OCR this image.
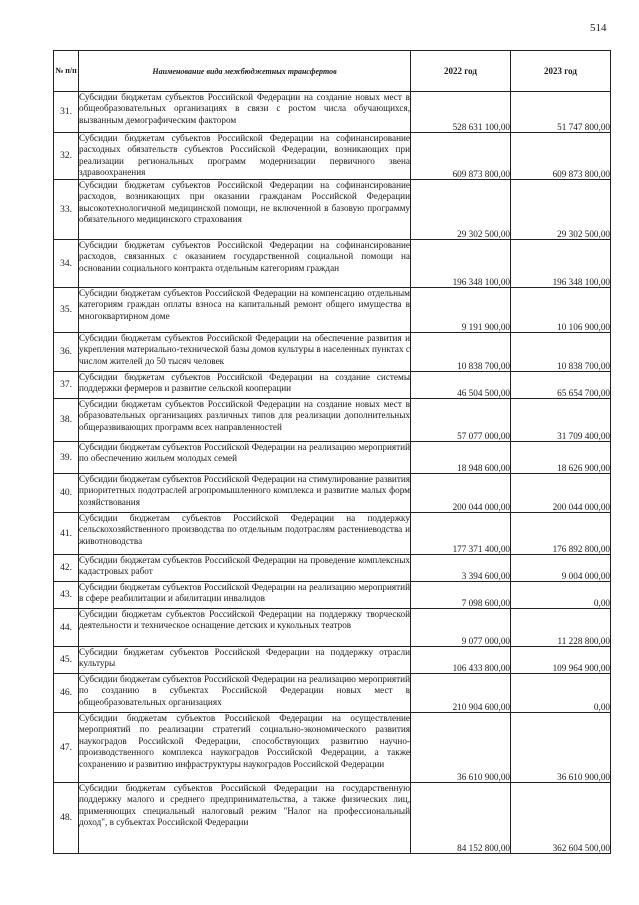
514
№ п/п	Наименование вида межбюджетных трансфертов	2022 год	2023 год
31.	Субсидии бюджетам субъектов Российской Федерации на создание новых мест в общеобразовательных организациях в связи с ростом числа обучающихся, вызванным демографическим фактором	528 631 100,00	51 747 800,00
32.	Субсидии бюджетам субъектов Российской Федерации на софинансирование расходных обязательств субъектов Российской Федерации, возникающих при реализации региональных программ модернизации первичного звена здравоохранения	609 873 800,00	609 873 800,00
33.	Субсидии бюджетам субъектов Российской Федерации на софинансирование расходов, возникающих при оказании гражданам Российской Федерации высокотехнологичной медицинской помощи, не включенной в базовую программу обязательного медицинского страхования	29 302 500,00	29 302 500,00
34.	Субсидии бюджетам субъектов Российской Федерации на софинансирование расходов, связанных с оказанием государственной социальной помощи на основании социального контракта отдельным категориям граждан	196 348 100,00	196 348 100,00
35.	Субсидии бюджетам субъектов Российской Федерации на компенсацию отдельным категориям граждан оплаты взноса на капитальный ремонт общего имущества в многоквартирном доме	9 191 900,00	10 106 900,00
36.	Субсидии бюджетам субъектов Российской Федерации на обеспечение развития и укрепления материально-технической базы домов культуры в населенных пунктах с числом жителей до 50 тысяч человек	10 838 700,00	10 838 700,00
37.	Субсидии бюджетам субъектов Российской Федерации на создание системы поддержки фермеров и развитие сельской кооперации	46 504 500,00	65 654 700,00
38.	Субсидии бюджетам субъектов Российской Федерации на создание новых мест в образовательных организациях различных типов для реализации дополнительных общеразвивающих программ всех направленностей	57 077 000,00	31 709 400,00
39.	Субсидии бюджетам субъектов Российской Федерации на реализацию мероприятий по обеспечению жильем молодых семей	18 948 600,00	18 626 900,00
40.	Субсидии бюджетам субъектов Российской Федерации на стимулирование развития приоритетных подотраслей агропромышленного комплекса и развитие малых форм хозяйствования	200 044 000,00	200 044 000,00
41.	Субсидии бюджетам субъектов Российской Федерации на поддержку сельскохозяйственного производства по отдельным подотраслям растениеводства и животноводства	177 371 400,00	176 892 800,00
42.	Субсидии бюджетам субъектов Российской Федерации на проведение комплексных кадастровых работ	3 394 600,00	9 004 000,00
43.	Субсидии бюджетам субъектов Российской Федерации на реализацию мероприятий в сфере реабилитации и абилитации инвалидов	7 098 600,00	0,00
44.	Субсидии бюджетам субъектов Российской Федерации на поддержку творческой деятельности и техническое оснащение детских и кукольных театров	9 077 000,00	11 228 800,00
45.	Субсидии бюджетам субъектов Российской Федерации на поддержку отрасли культуры	106 433 800,00	109 964 900,00
46.	Субсидии бюджетам субъектов Российской Федерации на реализацию мероприятий по созданию в субъектах Российской Федерации новых мест в общеобразовательных организациях	210 904 600,00	0,00
47.	Субсидии бюджетам субъектов Российской Федерации на осуществление мероприятий по реализации стратегий социально-экономического развития наукоградов Российской Федерации, способствующих развитию научно-производственного комплекса наукоградов Российской Федерации, а также сохранению и развитию инфраструктуры наукоградов Российской Федерации	36 610 900,00	36 610 900,00
48.	Субсидии бюджетам субъектов Российской Федерации на государственную поддержку малого и среднего предпринимательства, а также физических лиц, применяющих специальный налоговый режим "Налог на профессиональный доход", в субъектах Российской Федерации	84 152 800,00	362 604 500,00
